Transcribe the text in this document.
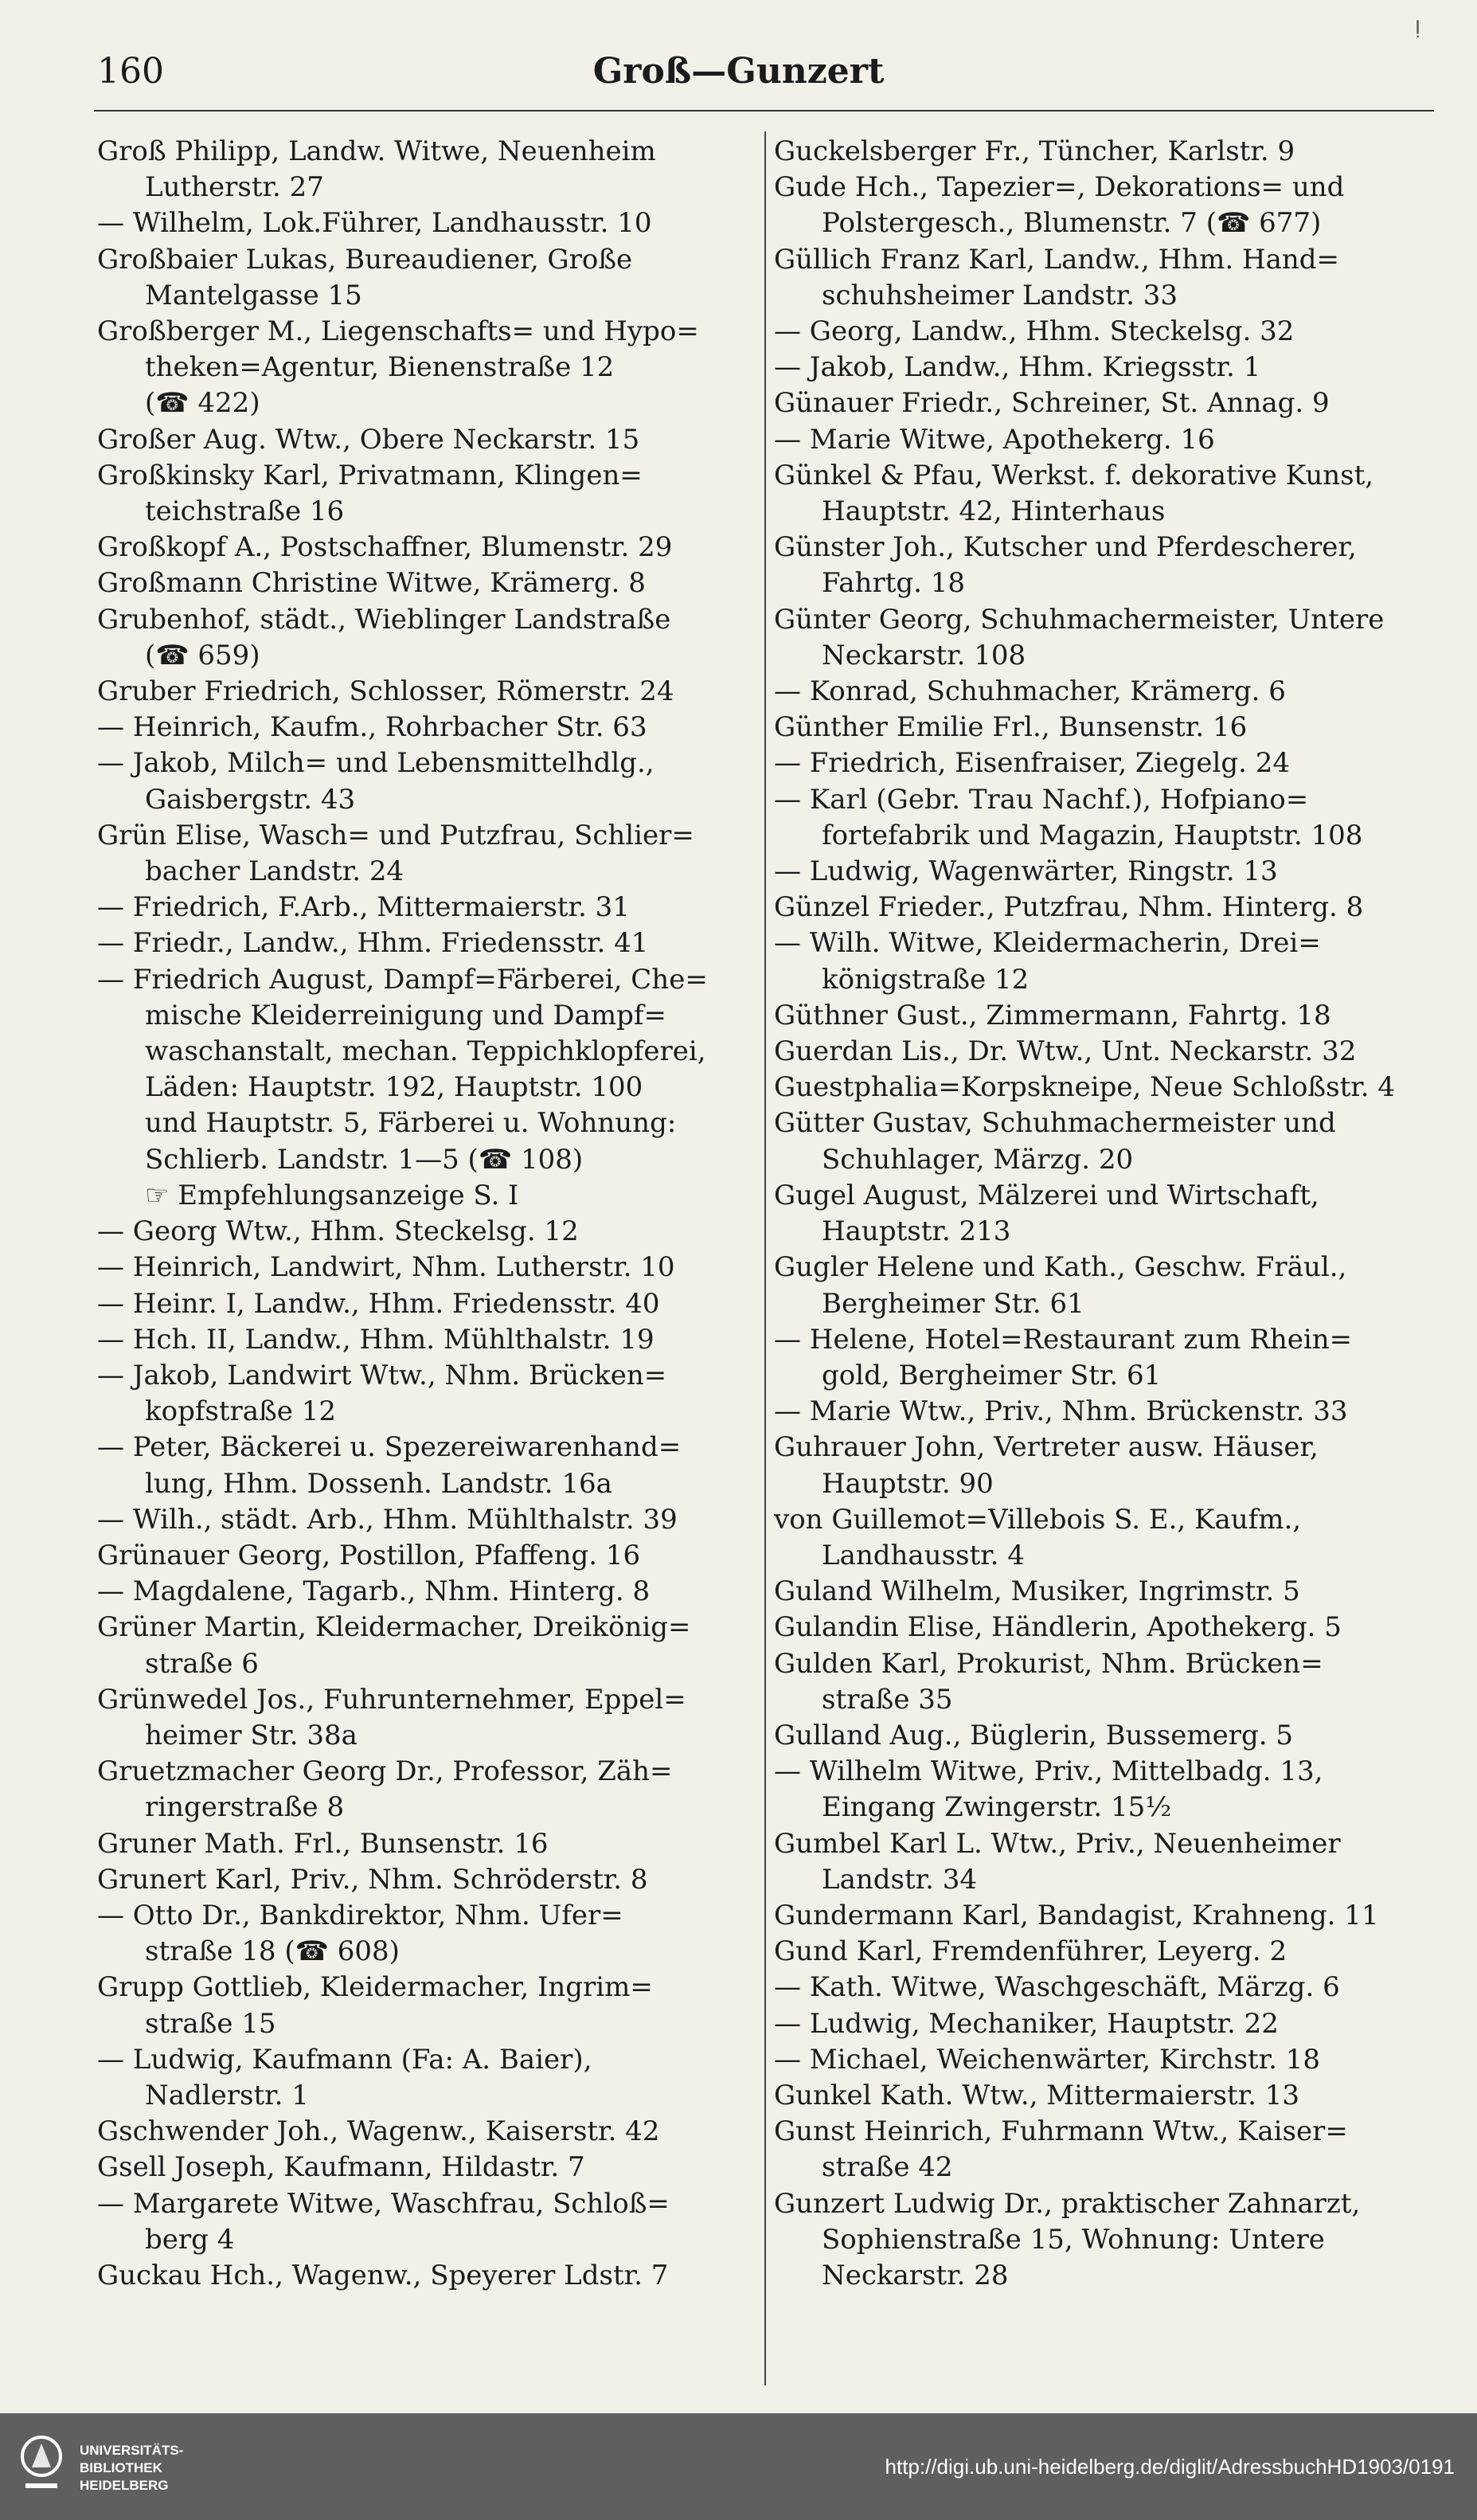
ǃ
160	Groß—Gunzert
Groß Philipp, Landw. Witwe, Neuenheim
Lutherstr. 27
— Wilhelm, Lok.Führer, Landhausstr. 10
Großbaier Lukas, Bureaudiener, Große
Mantelgasse 15
Großberger M., Liegenschafts= und Hypo=
theken=Agentur, Bienenstraße 12
(☎ 422)
Großer Aug. Wtw., Obere Neckarstr. 15
Großkinsky Karl, Privatmann, Klingen=
teichstraße 16
Großkopf A., Postschaffner, Blumenstr. 29
Großmann Christine Witwe, Krämerg. 8
Grubenhof, städt., Wieblinger Landstraße
(☎ 659)
Gruber Friedrich, Schlosser, Römerstr. 24
— Heinrich, Kaufm., Rohrbacher Str. 63
— Jakob, Milch= und Lebensmittelhdlg.,
Gaisbergstr. 43
Grün Elise, Wasch= und Putzfrau, Schlier=
bacher Landstr. 24
— Friedrich, F.Arb., Mittermaierstr. 31
— Friedr., Landw., Hhm. Friedensstr. 41
— Friedrich August, Dampf=Färberei, Che=
mische Kleiderreinigung und Dampf=
waschanstalt, mechan. Teppichklopferei,
Läden: Hauptstr. 192, Hauptstr. 100
und Hauptstr. 5, Färberei u. Wohnung:
Schlierb. Landstr. 1—5 (☎ 108)
☞ Empfehlungsanzeige S. I
— Georg Wtw., Hhm. Steckelsg. 12
— Heinrich, Landwirt, Nhm. Lutherstr. 10
— Heinr. I, Landw., Hhm. Friedensstr. 40
— Hch. II, Landw., Hhm. Mühlthalstr. 19
— Jakob, Landwirt Wtw., Nhm. Brücken=
kopfstraße 12
— Peter, Bäckerei u. Spezereiwarenhand=
lung, Hhm. Dossenh. Landstr. 16a
— Wilh., städt. Arb., Hhm. Mühlthalstr. 39
Grünauer Georg, Postillon, Pfaffeng. 16
— Magdalene, Tagarb., Nhm. Hinterg. 8
Grüner Martin, Kleidermacher, Dreikönig=
straße 6
Grünwedel Jos., Fuhrunternehmer, Eppel=
heimer Str. 38a
Gruetzmacher Georg Dr., Professor, Zäh=
ringerstraße 8
Gruner Math. Frl., Bunsenstr. 16
Grunert Karl, Priv., Nhm. Schröderstr. 8
— Otto Dr., Bankdirektor, Nhm. Ufer=
straße 18 (☎ 608)
Grupp Gottlieb, Kleidermacher, Ingrim=
straße 15
— Ludwig, Kaufmann (Fa: A. Baier),
Nadlerstr. 1
Gschwender Joh., Wagenw., Kaiserstr. 42
Gsell Joseph, Kaufmann, Hildastr. 7
— Margarete Witwe, Waschfrau, Schloß=
berg 4
Guckau Hch., Wagenw., Speyerer Ldstr. 7
Guckelsberger Fr., Tüncher, Karlstr. 9
Gude Hch., Tapezier=, Dekorations= und
Polstergesch., Blumenstr. 7 (☎ 677)
Güllich Franz Karl, Landw., Hhm. Hand=
schuhsheimer Landstr. 33
— Georg, Landw., Hhm. Steckelsg. 32
— Jakob, Landw., Hhm. Kriegsstr. 1
Günauer Friedr., Schreiner, St. Annag. 9
— Marie Witwe, Apothekerg. 16
Günkel & Pfau, Werkst. f. dekorative Kunst,
Hauptstr. 42, Hinterhaus
Günster Joh., Kutscher und Pferdescherer,
Fahrtg. 18
Günter Georg, Schuhmachermeister, Untere
Neckarstr. 108
— Konrad, Schuhmacher, Krämerg. 6
Günther Emilie Frl., Bunsenstr. 16
— Friedrich, Eisenfraiser, Ziegelg. 24
— Karl (Gebr. Trau Nachf.), Hofpiano=
fortefabrik und Magazin, Hauptstr. 108
— Ludwig, Wagenwärter, Ringstr. 13
Günzel Frieder., Putzfrau, Nhm. Hinterg. 8
— Wilh. Witwe, Kleidermacherin, Drei=
königstraße 12
Güthner Gust., Zimmermann, Fahrtg. 18
Guerdan Lis., Dr. Wtw., Unt. Neckarstr. 32
Guestphalia=Korpskneipe, Neue Schloßstr. 4
Gütter Gustav, Schuhmachermeister und
Schuhlager, Märzg. 20
Gugel August, Mälzerei und Wirtschaft,
Hauptstr. 213
Gugler Helene und Kath., Geschw. Fräul.,
Bergheimer Str. 61
— Helene, Hotel=Restaurant zum Rhein=
gold, Bergheimer Str. 61
— Marie Wtw., Priv., Nhm. Brückenstr. 33
Guhrauer John, Vertreter ausw. Häuser,
Hauptstr. 90
von Guillemot=Villebois S. E., Kaufm.,
Landhausstr. 4
Guland Wilhelm, Musiker, Ingrimstr. 5
Gulandin Elise, Händlerin, Apothekerg. 5
Gulden Karl, Prokurist, Nhm. Brücken=
straße 35
Gulland Aug., Büglerin, Bussemerg. 5
— Wilhelm Witwe, Priv., Mittelbadg. 13,
Eingang Zwingerstr. 15½
Gumbel Karl L. Wtw., Priv., Neuenheimer
Landstr. 34
Gundermann Karl, Bandagist, Krahneng. 11
Gund Karl, Fremdenführer, Leyerg. 2
— Kath. Witwe, Waschgeschäft, Märzg. 6
— Ludwig, Mechaniker, Hauptstr. 22
— Michael, Weichenwärter, Kirchstr. 18
Gunkel Kath. Wtw., Mittermaierstr. 13
Gunst Heinrich, Fuhrmann Wtw., Kaiser=
straße 42
Gunzert Ludwig Dr., praktischer Zahnarzt,
Sophienstraße 15, Wohnung: Untere
Neckarstr. 28
UNIVERSITÄTS-
BIBLIOTHEK
HEIDELBERG
http://digi.ub.uni-heidelberg.de/diglit/AdressbuchHD1903/0191
